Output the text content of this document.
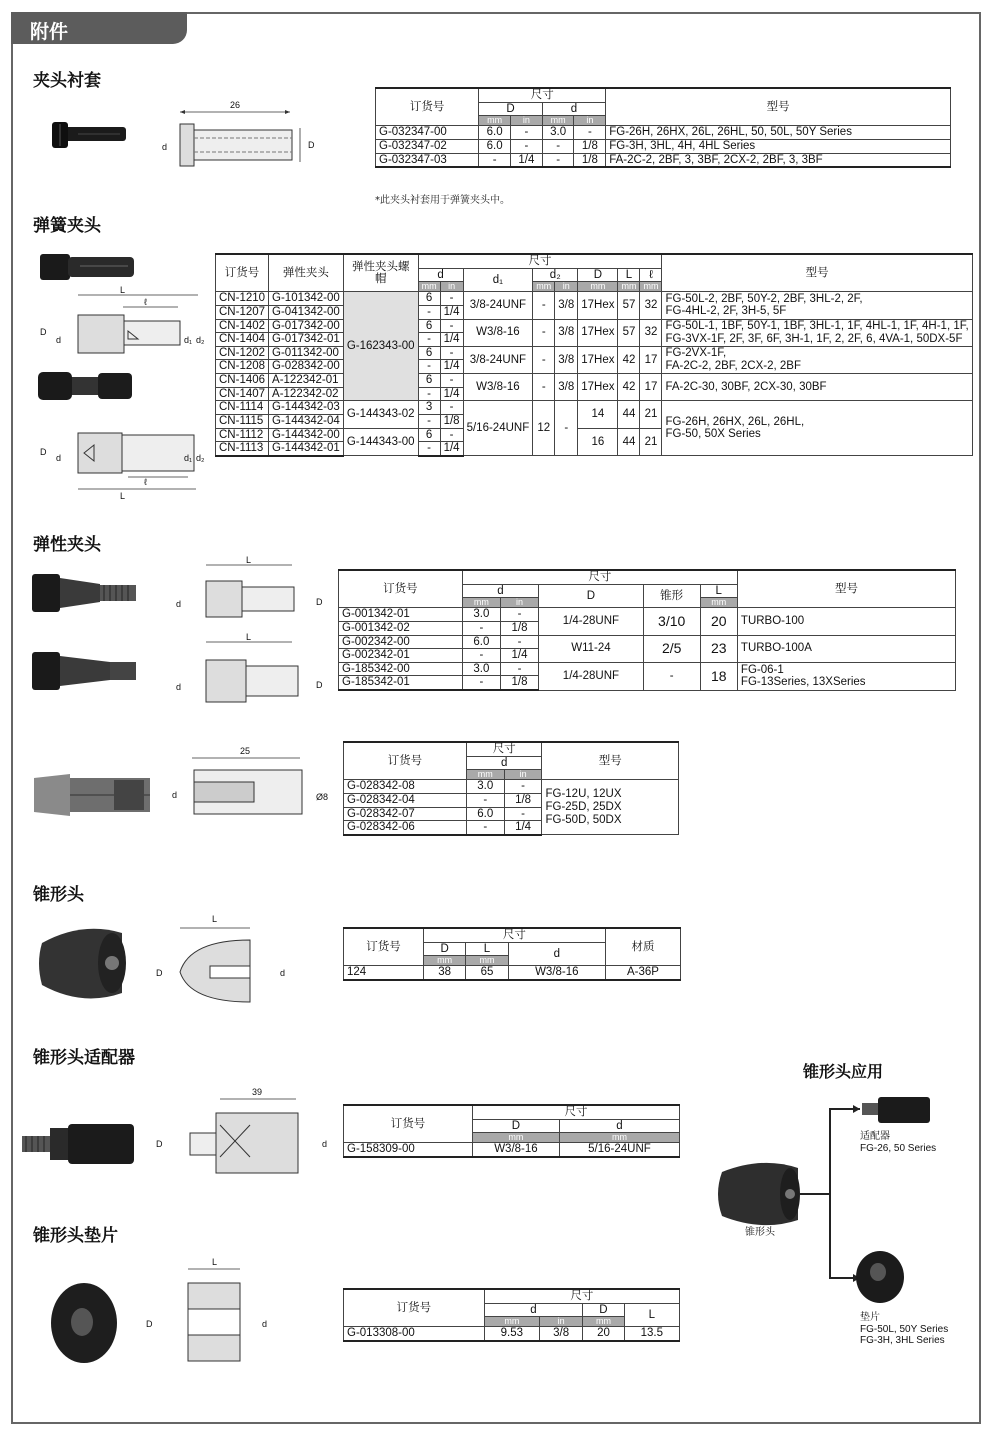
附件
夹头衬套
26
D
d
订货号	尺寸				型号
	D		d		
	mm	in	mm	in	
G-032347-00	6.0	-	3.0	-	FG-26H, 26HX, 26L, 26HL, 50, 50L, 50Y Series
G-032347-02	6.0	-	-	1/8	FG-3H, 3HL, 4H, 4HL Series
G-032347-03	-	1/4	-	1/8	FA-2C-2, 2BF, 3, 3BF, 2CX-2, 2BF, 3, 3BF
*此夹头衬套用于弹簧夹头中。
弹簧夹头
L
ℓ
D
d	d₁ d₂
L
ℓ
D
d	d₁ d₂
订货号	弹性夹头	弹性夹头螺帽	尺寸								型号
			d		d₁	d₂		D	L	ℓ	
			mm	in		mm	in	mm	mm	mm	
CN-1210	G-101342-00	G-162343-00	6	-	3/8-24UNF	-	3/8	17Hex	57	32	FG-50L-2, 2BF, 50Y-2, 2BF, 3HL-2, 2F,
FG-4HL-2, 2F, 3H-5, 5F

CN-1207	G-041342-00		-	1/4							
CN-1402	G-017342-00		6	-	W3/8-16	-	3/8	17Hex	57	32	FG-50L-1, 1BF, 50Y-1, 1BF, 3HL-1, 1F, 4HL-1, 1F, 4H-1, 1F,
FG-3VX-1F, 2F, 3F, 6F, 3H-1, 1F, 2, 2F, 6, 4VA-1, 50DX-5F

CN-1404	G-017342-01		-	1/4							
CN-1202	G-011342-00		6	-	3/8-24UNF	-	3/8	17Hex	42	17	FG-2VX-1F,
FA-2C-2, 2BF, 2CX-2, 2BF

CN-1208	G-028342-00		-	1/4							
CN-1406	A-122342-01		6	-	W3/8-16	-	3/8	17Hex	42	17	FA-2C-30, 30BF, 2CX-30, 30BF
CN-1407	A-122342-02		-	1/4							
CN-1114	G-144342-03	G-144343-02	3	-	5/16-24UNF	12	-	14	44	21	FG-26H, 26HX, 26L, 26HL,
FG-50, 50X Series

CN-1115	G-144342-04		-	1/8							
CN-1112	G-144342-00	G-144343-00	6	-				16	44	21	
CN-1113	G-144342-01		-	1/4							
弹性夹头
L
d	D
L
d	D
订货号	尺寸					型号
	d		D	锥形	L	
	mm	in			mm	
G-001342-01	3.0	-	1/4-28UNF	3/10	20	TURBO-100
G-001342-02	-	1/8				
G-002342-00	6.0	-	W11-24	2/5	23	TURBO-100A
G-002342-01	-	1/4				
G-185342-00	3.0	-	1/4-28UNF	-	18	FG-06-1
FG-13Series, 13XSeries

G-185342-01	-	1/8				
25
d	Ø8
订货号	尺寸		型号
	d		
	mm	in	
G-028342-08	3.0	-	FG-12U, 12UX
FG-25D, 25DX
FG-50D, 50DX

G-028342-04	-	1/8	
G-028342-07	6.0	-	
G-028342-06	-	1/4	
锥形头
L
D	d
订货号	尺寸			材质
	D	L	d	
	mm	mm		
124	38	65	W3/8-16	A-36P
锥形头适配器
39
D	d
订货号	尺寸	
	D	d
	mm	mm
G-158309-00	W3/8-16	5/16-24UNF
锥形头垫片
L
D	d
订货号	尺寸			
	d		D	L
	mm	in	mm	
G-013308-00	9.53	3/8	20	13.5
锥形头应用
适配器
FG-26, 50 Series
锥形头
垫片
FG-50L, 50Y Series
FG-3H, 3HL Series
